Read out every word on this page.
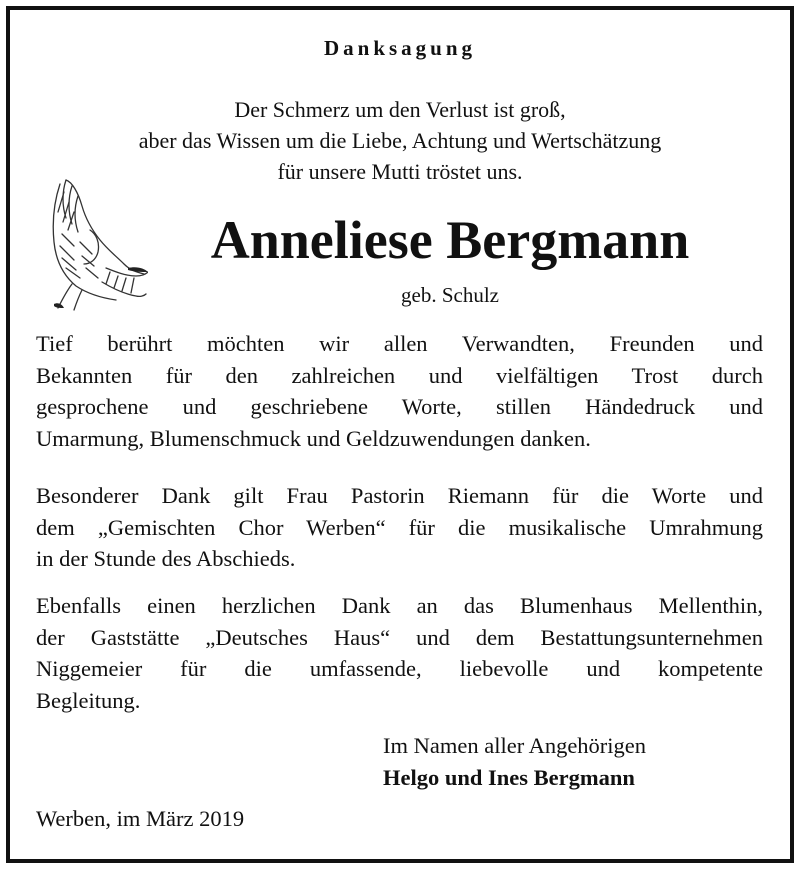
Danksagung
Der Schmerz um den Verlust ist groß,
aber das Wissen um die Liebe, Achtung und Wertschätzung
für unsere Mutti tröstet uns.
Anneliese Bergmann
geb. Schulz
Tief berührt möchten wir allen Verwandten, Freunden und
Bekannten für den zahlreichen und vielfältigen Trost durch
gesprochene und geschriebene Worte, stillen Händedruck und
Umarmung, Blumenschmuck und Geldzuwendungen danken.
Besonderer Dank gilt Frau Pastorin Riemann für die Worte und
dem „Gemischten Chor Werben“ für die musikalische Umrahmung
in der Stunde des Abschieds.
Ebenfalls einen herzlichen Dank an das Blumenhaus Mellenthin,
der Gaststätte „Deutsches Haus“ und dem Bestattungsunternehmen
Niggemeier für die umfassende, liebevolle und kompetente
Begleitung.
Im Namen aller Angehörigen
Helgo und Ines Bergmann
Werben, im März 2019
